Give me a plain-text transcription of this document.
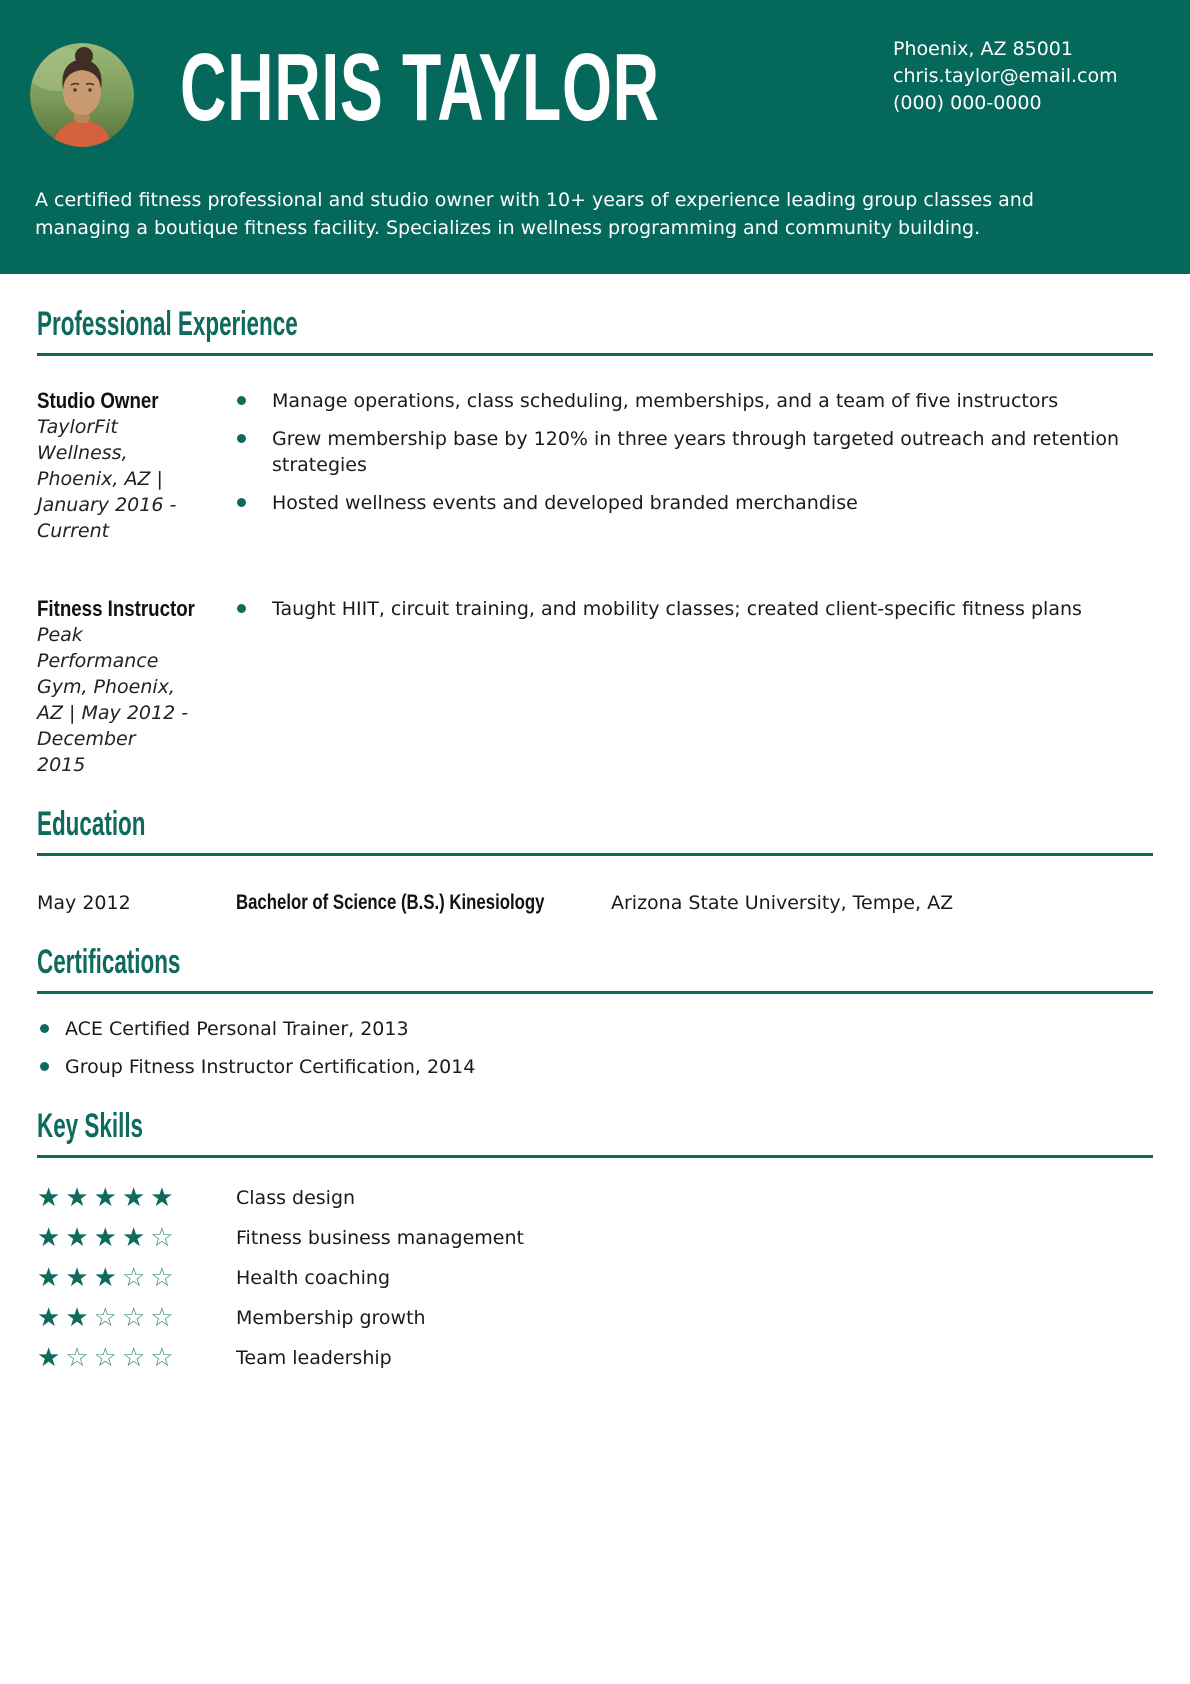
CHRIS TAYLOR	Phoenix, AZ 85001
chris.taylor@email.com
(000) 000-0000
A certified fitness professional and studio owner with 10+ years of experience leading group classes and managing a boutique fitness facility. Specializes in wellness programming and community building.
Professional Experience
Studio Owner
TaylorFit Wellness, Phoenix, AZ | January 2016 - Current
Manage operations, class scheduling, memberships, and a team of five instructors
Grew membership base by 120% in three years through targeted outreach and retention strategies
Hosted wellness events and developed branded merchandise
Fitness Instructor
Peak Performance Gym, Phoenix, AZ | May 2012 - December 2015
Taught HIIT, circuit training, and mobility classes; created client-specific fitness plans
Education
May 2012	Bachelor of Science (B.S.) Kinesiology	Arizona State University, Tempe, AZ
Certifications
ACE Certified Personal Trainer, 2013
Group Fitness Instructor Certification, 2014
Key Skills
★★★★★	Class design
★★★★☆	Fitness business management
★★★☆☆	Health coaching
★★☆☆☆	Membership growth
★☆☆☆☆	Team leadership
